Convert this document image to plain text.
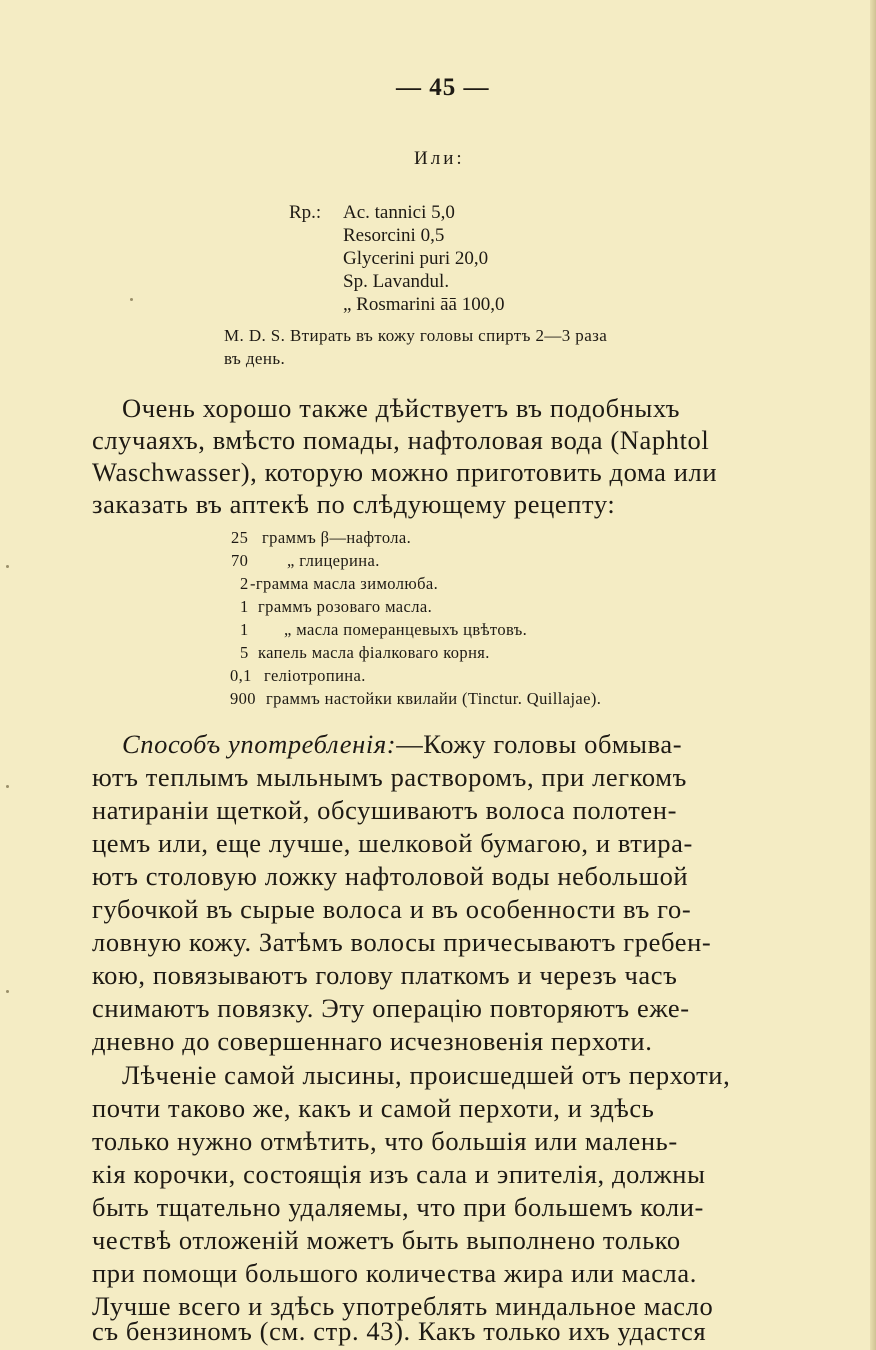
— 45 —
Или:
Rp.: Ac. tannici 5,0
Resorcini 0,5
Glycerini puri 20,0
Sp. Lavandul.
„ Rosmarini āā 100,0
M. D. S. Втирать въ кожу головы спиртъ 2—3 раза
въ день.
Очень хорошо также дѣйствуетъ въ подобныхъ
случаяхъ, вмѣсто помады, нафтоловая вода (Naphtol
Waschwasser), которую можно приготовить дома или
заказать въ аптекѣ по слѣдующему рецепту:
25 граммъ β—нафтола.
70 „ глицерина.
2 -грамма масла зимолюба.
1 граммъ розоваго масла.
1 „ масла померанцевыхъ цвѣтовъ.
5 капель масла фіалковаго корня.
0,1 геліотропина.
900 граммъ настойки квилайи (Tinctur. Quillajae).
Способъ употребленія:—Кожу головы обмыва-
ютъ теплымъ мыльнымъ растворомъ, при легкомъ
натираніи щеткой, обсушиваютъ волоса полотен-
цемъ или, еще лучше, шелковой бумагою, и втира-
ютъ столовую ложку нафтоловой воды небольшой
губочкой въ сырые волоса и въ особенности въ го-
ловную кожу. Затѣмъ волосы причесываютъ гребен-
кою, повязываютъ голову платкомъ и черезъ часъ
снимаютъ повязку. Эту операцію повторяютъ еже-
дневно до совершеннаго исчезновенія перхоти.
Лѣченіе самой лысины, происшедшей отъ перхоти,
почти таково же, какъ и самой перхоти, и здѣсь
только нужно отмѣтить, что большія или малень-
кія корочки, состоящія изъ сала и эпителія, должны
быть тщательно удаляемы, что при большемъ коли-
чествѣ отложеній можетъ быть выполнено только
при помощи большого количества жира или масла.
Лучше всего и здѣсь употреблять миндальное масло
съ бензиномъ (см. стр. 43). Какъ только ихъ удастся
